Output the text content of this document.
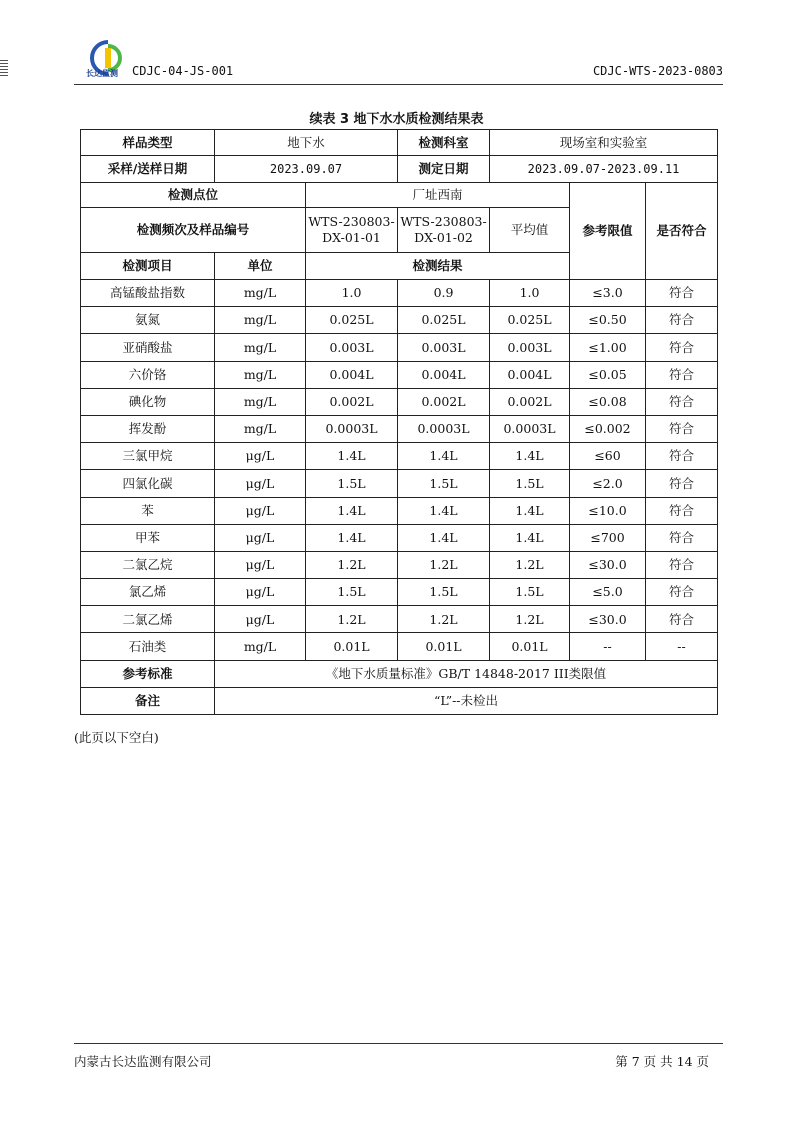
长达监测 CDJC-04-JS-001	CDJC-WTS-2023-0803
续表 3 地下水水质检测结果表
样品类型	地下水		检测科室	现场室和实验室		
采样/送样日期	2023.09.07		测定日期	2023.09.07-2023.09.11		
检测点位		厂址西南			参考限值	是否符合
检测频次及样品编号		WTS-230803-DX-01-01	WTS-230803-DX-01-02	平均值		
检测项目	单位	检测结果				
高锰酸盐指数	mg/L	1.0	0.9	1.0	≤3.0	符合
氨氮	mg/L	0.025L	0.025L	0.025L	≤0.50	符合
亚硝酸盐	mg/L	0.003L	0.003L	0.003L	≤1.00	符合
六价铬	mg/L	0.004L	0.004L	0.004L	≤0.05	符合
碘化物	mg/L	0.002L	0.002L	0.002L	≤0.08	符合
挥发酚	mg/L	0.0003L	0.0003L	0.0003L	≤0.002	符合
三氯甲烷	μg/L	1.4L	1.4L	1.4L	≤60	符合
四氯化碳	μg/L	1.5L	1.5L	1.5L	≤2.0	符合
苯	μg/L	1.4L	1.4L	1.4L	≤10.0	符合
甲苯	μg/L	1.4L	1.4L	1.4L	≤700	符合
二氯乙烷	μg/L	1.2L	1.2L	1.2L	≤30.0	符合
氯乙烯	μg/L	1.5L	1.5L	1.5L	≤5.0	符合
二氯乙烯	μg/L	1.2L	1.2L	1.2L	≤30.0	符合
石油类	mg/L	0.01L	0.01L	0.01L	--	--
参考标准	《地下水质量标准》GB/T 14848-2017 III类限值					
备注	“L”--未检出					
(此页以下空白)
内蒙古长达监测有限公司	第 7 页 共 14 页
